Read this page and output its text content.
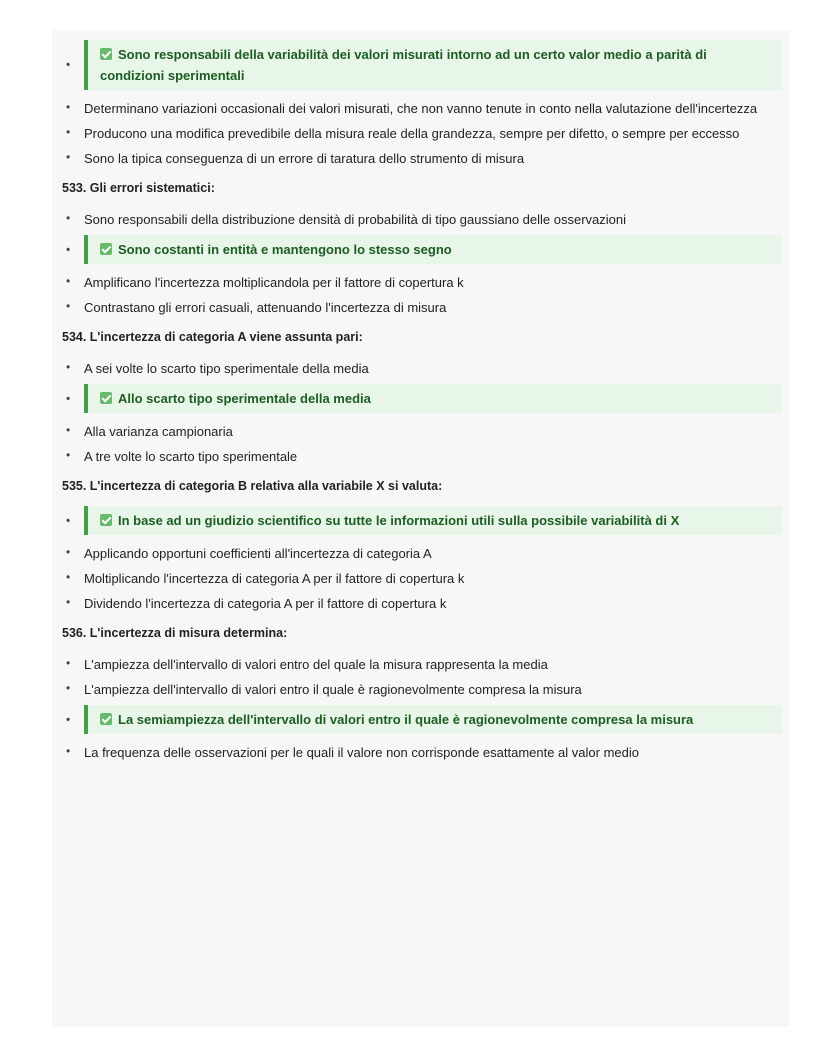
• Sono responsabili della variabilità dei valori misurati intorno ad un certo valor medio a parità di condizioni sperimentali
• Determinano variazioni occasionali dei valori misurati, che non vanno tenute in conto nella valutazione dell'incertezza
• Producono una modifica prevedibile della misura reale della grandezza, sempre per difetto, o sempre per eccesso
• Sono la tipica conseguenza di un errore di taratura dello strumento di misura
533. Gli errori sistematici:
• Sono responsabili della distribuzione densità di probabilità di tipo gaussiano delle osservazioni
• Sono costanti in entità e mantengono lo stesso segno
• Amplificano l'incertezza moltiplicandola per il fattore di copertura k
• Contrastano gli errori casuali, attenuando l'incertezza di misura
534. L'incertezza di categoria A viene assunta pari:
• A sei volte lo scarto tipo sperimentale della media
• Allo scarto tipo sperimentale della media
• Alla varianza campionaria
• A tre volte lo scarto tipo sperimentale
535. L'incertezza di categoria B relativa alla variabile X si valuta:
• In base ad un giudizio scientifico su tutte le informazioni utili sulla possibile variabilità di X
• Applicando opportuni coefficienti all'incertezza di categoria A
• Moltiplicando l'incertezza di categoria A per il fattore di copertura k
• Dividendo l'incertezza di categoria A per il fattore di copertura k
536. L'incertezza di misura determina:
• L'ampiezza dell'intervallo di valori entro del quale la misura rappresenta la media
• L'ampiezza dell'intervallo di valori entro il quale è ragionevolmente compresa la misura
• La semiampiezza dell'intervallo di valori entro il quale è ragionevolmente compresa la misura
• La frequenza delle osservazioni per le quali il valore non corrisponde esattamente al valor medio
